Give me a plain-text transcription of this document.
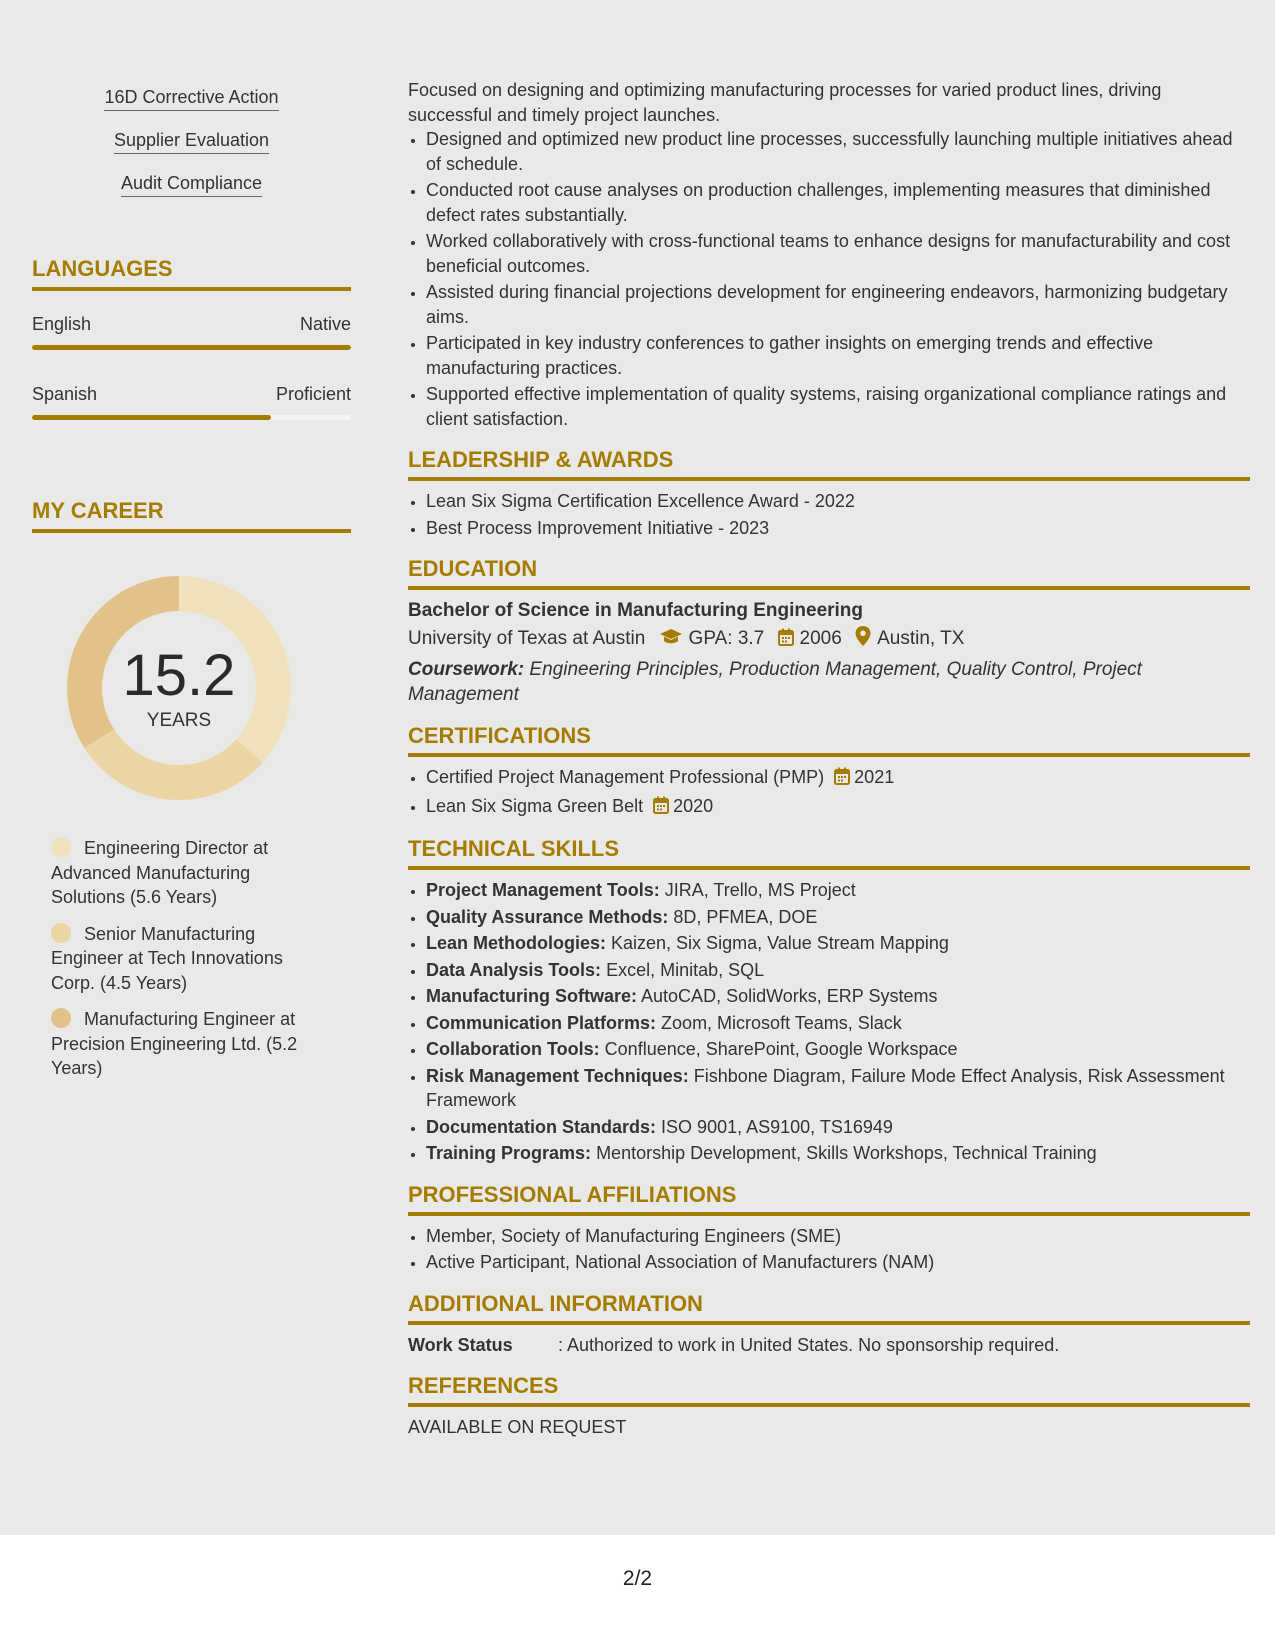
16D Corrective Action
Supplier Evaluation
Audit Compliance
LANGUAGES
English	Native
Spanish	Proficient
MY CAREER
15.2
YEARS
Engineering Director at Advanced Manufacturing Solutions (5.6 Years)
Senior Manufacturing Engineer at Tech Innovations Corp. (4.5 Years)
Manufacturing Engineer at Precision Engineering Ltd. (5.2 Years)

Focused on designing and optimizing manufacturing processes for varied product lines, driving successful and timely project launches.

• Designed and optimized new product line processes, successfully launching multiple initiatives ahead of schedule.
• Conducted root cause analyses on production challenges, implementing measures that diminished defect rates substantially.
• Worked collaboratively with cross-functional teams to enhance designs for manufacturability and cost beneficial outcomes.
• Assisted during financial projections development for engineering endeavors, harmonizing budgetary aims.
• Participated in key industry conferences to gather insights on emerging trends and effective manufacturing practices.
• Supported effective implementation of quality systems, raising organizational compliance ratings and client satisfaction.
LEADERSHIP & AWARDS
• Lean Six Sigma Certification Excellence Award - 2022
• Best Process Improvement Initiative - 2023
EDUCATION
Bachelor of Science in Manufacturing Engineering
University of Texas at Austin GPA: 3.7 2006 Austin, TX
Coursework: Engineering Principles, Production Management, Quality Control, Project Management
CERTIFICATIONS
• Certified Project Management Professional (PMP) 2021
• Lean Six Sigma Green Belt 2020
TECHNICAL SKILLS
• Project Management Tools: JIRA, Trello, MS Project
• Quality Assurance Methods: 8D, PFMEA, DOE
• Lean Methodologies: Kaizen, Six Sigma, Value Stream Mapping
• Data Analysis Tools: Excel, Minitab, SQL
• Manufacturing Software: AutoCAD, SolidWorks, ERP Systems
• Communication Platforms: Zoom, Microsoft Teams, Slack
• Collaboration Tools: Confluence, SharePoint, Google Workspace
• Risk Management Techniques: Fishbone Diagram, Failure Mode Effect Analysis, Risk Assessment Framework
• Documentation Standards: ISO 9001, AS9100, TS16949
• Training Programs: Mentorship Development, Skills Workshops, Technical Training
PROFESSIONAL AFFILIATIONS
• Member, Society of Manufacturing Engineers (SME)
• Active Participant, National Association of Manufacturers (NAM)
ADDITIONAL INFORMATION
Work Status	: Authorized to work in United States. No sponsorship required.
REFERENCES
AVAILABLE ON REQUEST
2/2
